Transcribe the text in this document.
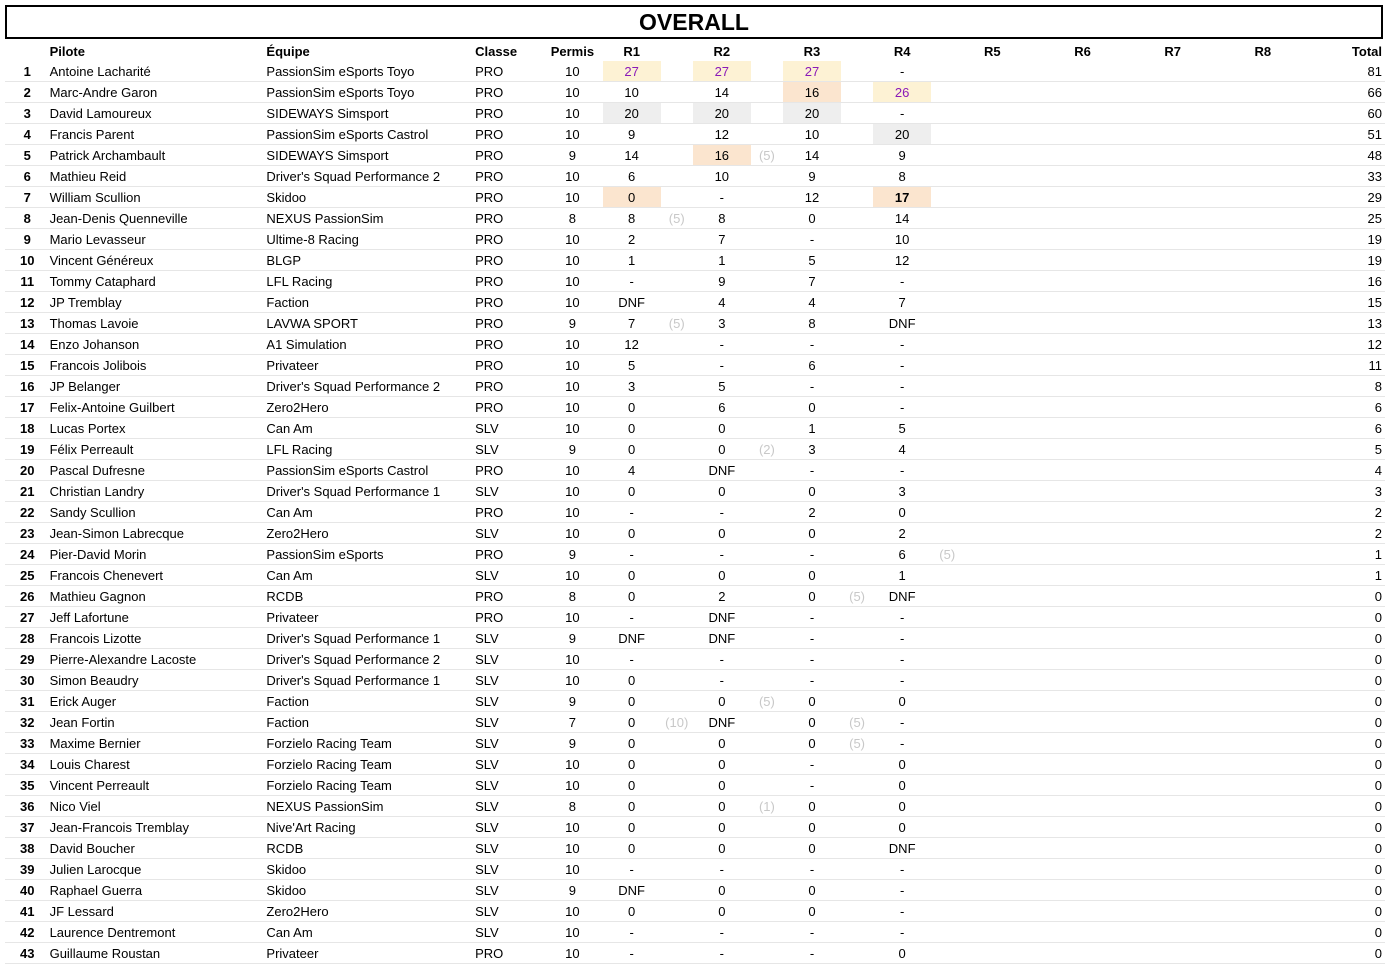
OVERALL
	Pilote	Équipe	Classe	Permis	R1		R2		R3		R4		R5		R6		R7		R8		Total
1	Antoine Lacharité	PassionSim eSports Toyo	PRO	10	27		27		27		-										81
2	Marc-Andre Garon	PassionSim eSports Toyo	PRO	10	10		14		16		26										66
3	David Lamoureux	SIDEWAYS Simsport	PRO	10	20		20		20		-										60
4	Francis Parent	PassionSim eSports Castrol	PRO	10	9		12		10		20										51
5	Patrick Archambault	SIDEWAYS Simsport	PRO	9	14		16	(5)	14		9										48
6	Mathieu Reid	Driver's Squad Performance 2	PRO	10	6		10		9		8										33
7	William Scullion	Skidoo	PRO	10	0		-		12		17										29
8	Jean-Denis Quenneville	NEXUS PassionSim	PRO	8	8	(5)	8		0		14										25
9	Mario Levasseur	Ultime-8 Racing	PRO	10	2		7		-		10										19
10	Vincent Généreux	BLGP	PRO	10	1		1		5		12										19
11	Tommy Cataphard	LFL Racing	PRO	10	-		9		7		-										16
12	JP Tremblay	Faction	PRO	10	DNF		4		4		7										15
13	Thomas Lavoie	LAVWA SPORT	PRO	9	7	(5)	3		8		DNF										13
14	Enzo Johanson	A1 Simulation	PRO	10	12		-		-		-										12
15	Francois Jolibois	Privateer	PRO	10	5		-		6		-										11
16	JP Belanger	Driver's Squad Performance 2	PRO	10	3		5		-		-										8
17	Felix-Antoine Guilbert	Zero2Hero	PRO	10	0		6		0		-										6
18	Lucas Portex	Can Am	SLV	10	0		0		1		5										6
19	Félix Perreault	LFL Racing	SLV	9	0		0	(2)	3		4										5
20	Pascal Dufresne	PassionSim eSports Castrol	PRO	10	4		DNF		-		-										4
21	Christian Landry	Driver's Squad Performance 1	SLV	10	0		0		0		3										3
22	Sandy Scullion	Can Am	PRO	10	-		-		2		0										2
23	Jean-Simon Labrecque	Zero2Hero	SLV	10	0		0		0		2										2
24	Pier-David Morin	PassionSim eSports	PRO	9	-		-		-		6	(5)									1
25	Francois Chenevert	Can Am	SLV	10	0		0		0		1										1
26	Mathieu Gagnon	RCDB	PRO	8	0		2		0	(5)	DNF										0
27	Jeff Lafortune	Privateer	PRO	10	-		DNF		-		-										0
28	Francois Lizotte	Driver's Squad Performance 1	SLV	9	DNF		DNF		-		-										0
29	Pierre-Alexandre Lacoste	Driver's Squad Performance 2	SLV	10	-		-		-		-										0
30	Simon Beaudry	Driver's Squad Performance 1	SLV	10	0		-		-		-										0
31	Erick Auger	Faction	SLV	9	0		0	(5)	0		0										0
32	Jean Fortin	Faction	SLV	7	0	(10)	DNF		0	(5)	-										0
33	Maxime Bernier	Forzielo Racing Team	SLV	9	0		0		0	(5)	-										0
34	Louis Charest	Forzielo Racing Team	SLV	10	0		0		-		0										0
35	Vincent Perreault	Forzielo Racing Team	SLV	10	0		0		-		0										0
36	Nico Viel	NEXUS PassionSim	SLV	8	0		0	(1)	0		0										0
37	Jean-Francois Tremblay	Nive'Art Racing	SLV	10	0		0		0		0										0
38	David Boucher	RCDB	SLV	10	0		0		0		DNF										0
39	Julien Larocque	Skidoo	SLV	10	-		-		-		-										0
40	Raphael Guerra	Skidoo	SLV	9	DNF		0		0		-										0
41	JF Lessard	Zero2Hero	SLV	10	0		0		0		-										0
42	Laurence Dentremont	Can Am	SLV	10	-		-		-		-										0
43	Guillaume Roustan	Privateer	PRO	10	-		-		-		0										0
